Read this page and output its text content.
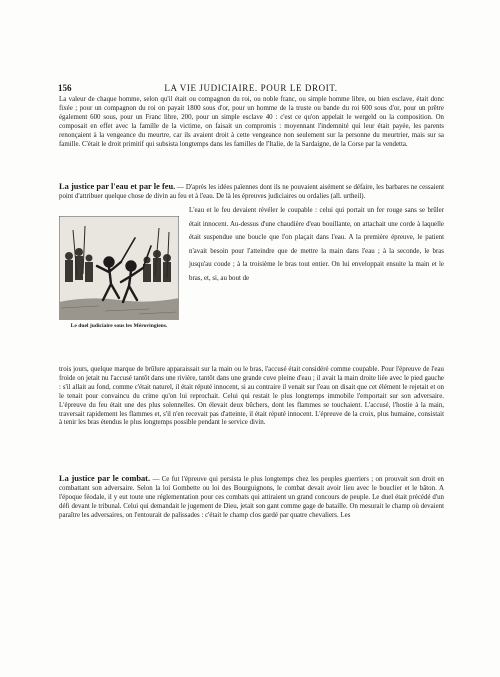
156	LA VIE JUDICIAIRE. POUR LE DROIT.

La valeur de chaque homme, selon qu'il était ou compagnon du roi, ou noble franc, ou simple homme libre, ou bien esclave, était donc fixée ; pour un compagnon du roi on payait 1800 sous d'or, pour un homme de la truste ou bande du roi 600 sous d'or, pour un prêtre également 600 sous, pour un Franc libre, 200, pour un simple esclave 40 : c'est ce qu'on appelait le wergeld ou la composition. On composait en effet avec la famille de la victime, on faisait un compromis : moyennant l'indemnité qui leur était payée, les parents renonçaient à la vengeance du meurtre, car ils avaient droit à cette vengeance non seulement sur la personne du meurtrier, mais sur sa famille. C'était le droit primitif qui subsista longtemps dans les familles de l'Italie, de la Sardaigne, de la Corse par la vendetta.

La justice par l'eau et par le feu. — D'après les idées païennes dont ils ne pouvaient aisément se défaire, les barbares ne cessaient point d'attribuer quelque chose de divin au feu et à l'eau. De là les épreuves judiciaires ou ordalies (all. urtheil).

Le duel judiciaire sous les Mérovingiens.

L'eau et le feu devaient révéler le coupable : celui qui portait un fer rouge sans se brûler était innocent. Au-dessus d'une chaudière d'eau bouillante, on attachait une corde à laquelle était suspendue une boucle que l'on plaçait dans l'eau. A la première épreuve, le patient n'avait besoin pour l'atteindre que de mettre la main dans l'eau ; à la seconde, le bras jusqu'au coude ; à la troisième le bras tout entier. On lui enveloppait ensuite la main et le bras, et, si, au bout de

trois jours, quelque marque de brûlure apparaissait sur la main ou le bras, l'accusé était considéré comme coupable. Pour l'épreuve de l'eau froide on jetait nu l'accusé tantôt dans une rivière, tantôt dans une grande cuve pleine d'eau ; il avait la main droite liée avec le pied gauche : s'il allait au fond, comme c'était naturel, il était réputé innocent, si au contraire il venait sur l'eau on disait que cet élément le rejetait et on le tenait pour convaincu du crime qu'on lui reprochait. Celui qui restait le plus longtemps immobile l'emportait sur son adversaire. L'épreuve du feu était une des plus solennelles. On élevait deux bûchers, dont les flammes se touchaient. L'accusé, l'hostie à la main, traversait rapidement les flammes et, s'il n'en recevait pas d'atteinte, il était réputé innocent. L'épreuve de la croix, plus humaine, consistait à tenir les bras étendus le plus longtemps possible pendant le service divin.

La justice par le combat. — Ce fut l'épreuve qui persista le plus longtemps chez les peuples guerriers ; on prouvait son droit en combattant son adversaire. Selon la loi Gombette ou loi des Bourguignons, le combat devait avoir lieu avec le bouclier et le bâton. A l'époque féodale, il y eut toute une réglementation pour ces combats qui attiraient un grand concours de peuple. Le duel était précédé d'un défi devant le tribunal. Celui qui demandait le jugement de Dieu, jetait son gant comme gage de bataille. On mesurait le champ où devaient paraître les adversaires, on l'entourait de palissades : c'était le champ clos gardé par quatre chevaliers. Les
